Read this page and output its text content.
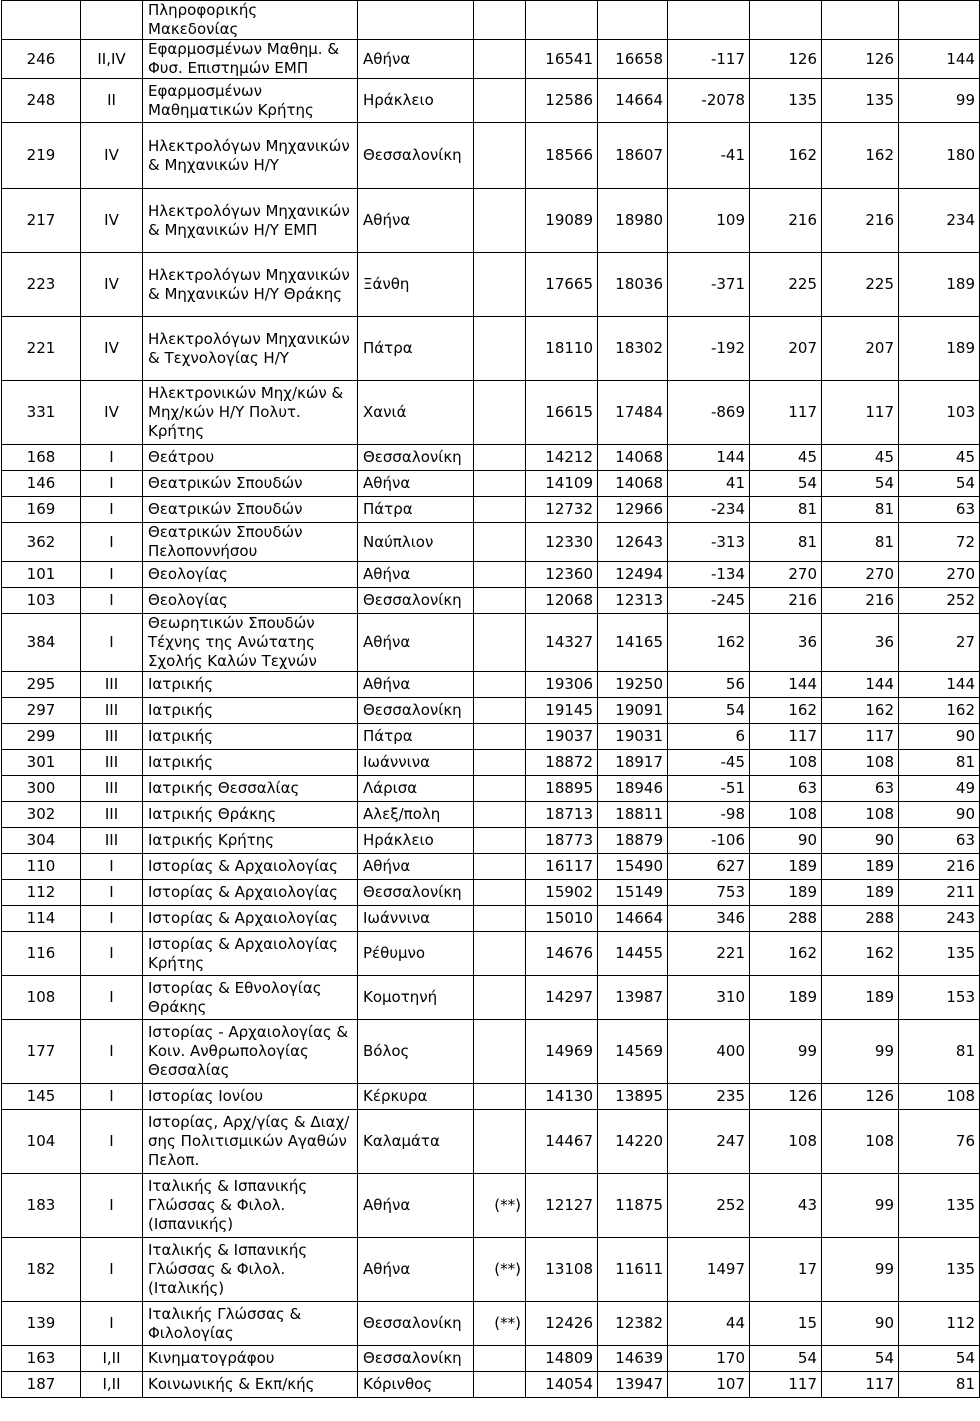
		Πληροφορικής Μακεδονίας								
246	II,IV	Εφαρμοσμένων Μαθημ. & Φυσ. Επιστημών ΕΜΠ	Αθήνα		16541	16658	-117	126	126	144
248	II	Εφαρμοσμένων Μαθηματικών Κρήτης	Ηράκλειο		12586	14664	-2078	135	135	99
219	IV	Ηλεκτρολόγων Μηχανικών & Μηχανικών Η/Υ	Θεσσαλονίκη		18566	18607	-41	162	162	180
217	IV	Ηλεκτρολόγων Μηχανικών & Μηχανικών Η/Υ ΕΜΠ	Αθήνα		19089	18980	109	216	216	234
223	IV	Ηλεκτρολόγων Μηχανικών & Μηχανικών Η/Υ Θράκης	Ξάνθη		17665	18036	-371	225	225	189
221	IV	Ηλεκτρολόγων Μηχανικών & Τεχνολογίας Η/Υ	Πάτρα		18110	18302	-192	207	207	189
331	IV	Ηλεκτρονικών Μηχ/κών & Μηχ/κών Η/Υ Πολυτ. Κρήτης	Χανιά		16615	17484	-869	117	117	103
168	I	Θεάτρου	Θεσσαλονίκη		14212	14068	144	45	45	45
146	I	Θεατρικών Σπουδών	Αθήνα		14109	14068	41	54	54	54
169	I	Θεατρικών Σπουδών	Πάτρα		12732	12966	-234	81	81	63
362	I	Θεατρικών Σπουδών Πελοποννήσου	Ναύπλιον		12330	12643	-313	81	81	72
101	I	Θεολογίας	Αθήνα		12360	12494	-134	270	270	270
103	I	Θεολογίας	Θεσσαλονίκη		12068	12313	-245	216	216	252
384	I	Θεωρητικών Σπουδών Τέχνης της Ανώτατης Σχολής Καλών Τεχνών	Αθήνα		14327	14165	162	36	36	27
295	III	Ιατρικής	Αθήνα		19306	19250	56	144	144	144
297	III	Ιατρικής	Θεσσαλονίκη		19145	19091	54	162	162	162
299	III	Ιατρικής	Πάτρα		19037	19031	6	117	117	90
301	III	Ιατρικής	Ιωάννινα		18872	18917	-45	108	108	81
300	III	Ιατρικής Θεσσαλίας	Λάρισα		18895	18946	-51	63	63	49
302	III	Ιατρικής Θράκης	Αλεξ/πολη		18713	18811	-98	108	108	90
304	III	Ιατρικής Κρήτης	Ηράκλειο		18773	18879	-106	90	90	63
110	I	Ιστορίας & Αρχαιολογίας	Αθήνα		16117	15490	627	189	189	216
112	I	Ιστορίας & Αρχαιολογίας	Θεσσαλονίκη		15902	15149	753	189	189	211
114	I	Ιστορίας & Αρχαιολογίας	Ιωάννινα		15010	14664	346	288	288	243
116	I	Ιστορίας & Αρχαιολογίας Κρήτης	Ρέθυμνο		14676	14455	221	162	162	135
108	I	Ιστορίας & Εθνολογίας Θράκης	Κομοτηνή		14297	13987	310	189	189	153
177	I	Ιστορίας - Αρχαιολογίας & Κοιν. Ανθρωπολογίας Θεσσαλίας	Βόλος		14969	14569	400	99	99	81
145	I	Ιστορίας Ιονίου	Κέρκυρα		14130	13895	235	126	126	108
104	I	Ιστορίας, Αρχ/γίας & Διαχ/σης Πολιτισμικών Αγαθών Πελοπ.	Καλαμάτα		14467	14220	247	108	108	76
183	I	Ιταλικής & Ισπανικής Γλώσσας & Φιλολ. (Ισπανικής)	Αθήνα	(**)	12127	11875	252	43	99	135
182	I	Ιταλικής & Ισπανικής Γλώσσας & Φιλολ.(Ιταλικής)	Αθήνα	(**)	13108	11611	1497	17	99	135
139	I	Ιταλικής Γλώσσας & Φιλολογίας	Θεσσαλονίκη	(**)	12426	12382	44	15	90	112
163	I,II	Κινηματογράφου	Θεσσαλονίκη		14809	14639	170	54	54	54
187	I,II	Κοινωνικής & Εκπ/κής	Κόρινθος		14054	13947	107	117	117	81
